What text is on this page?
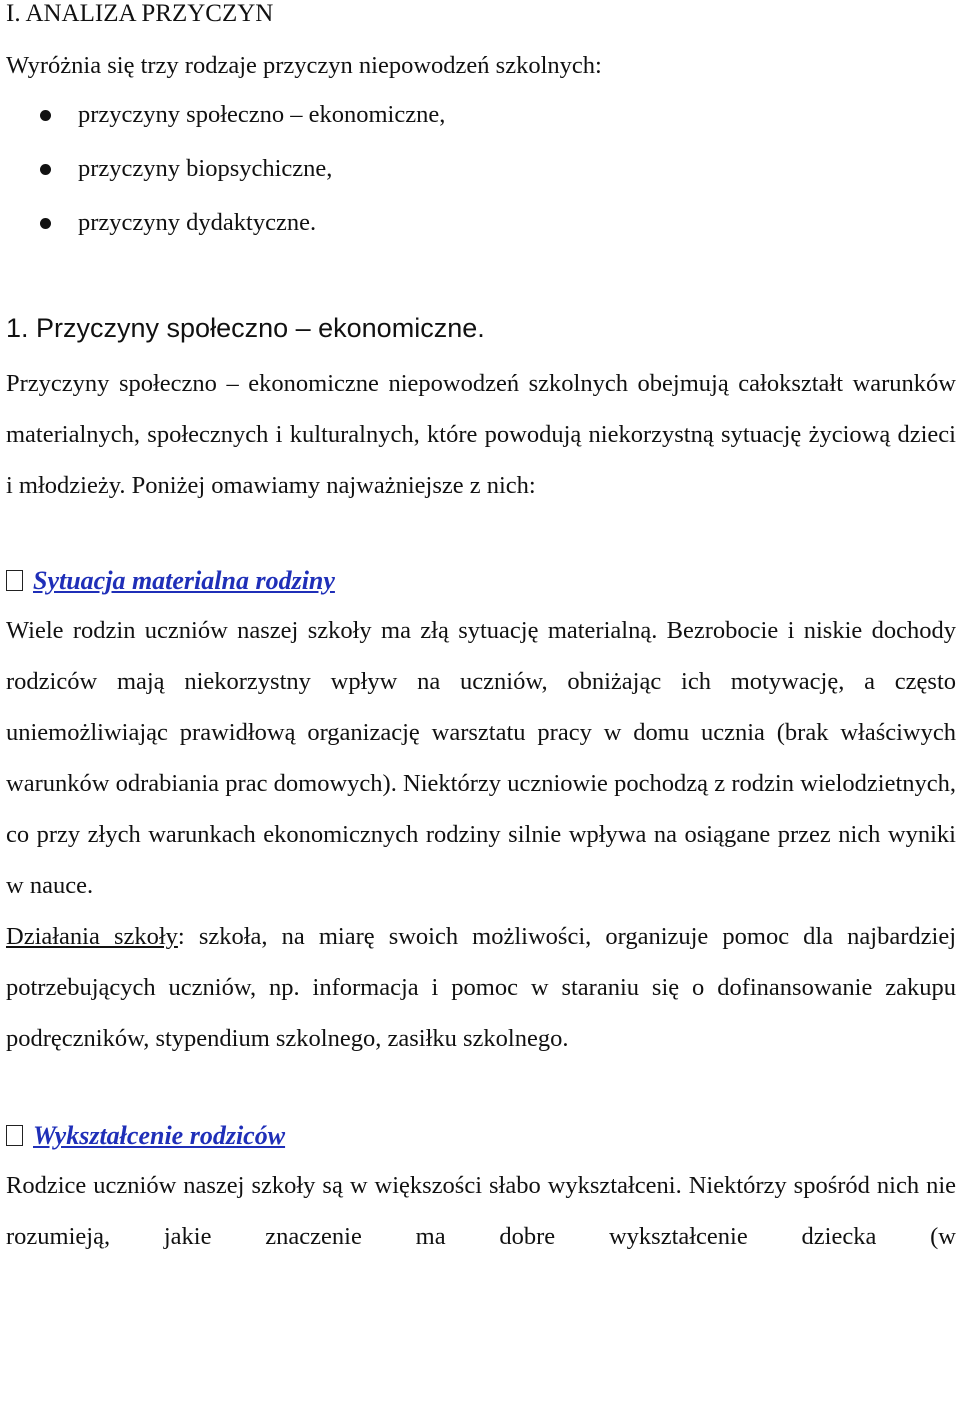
I. ANALIZA PRZYCZYN

Wyróżnia się trzy rodzaje przyczyn niepowodzeń szkolnych:

przyczyny społeczno – ekonomiczne,
przyczyny biopsychiczne,
przyczyny dydaktyczne.
1. Przyczyny społeczno – ekonomiczne.

Przyczyny społeczno – ekonomiczne niepowodzeń szkolnych obejmują całokształt warunków materialnych, społecznych i kulturalnych, które powodują niekorzystną sytuację życiową dzieci i młodzieży. Poniżej omawiamy najważniejsze z nich:

Sytuacja materialna rodziny

Wiele rodzin uczniów naszej szkoły ma złą sytuację materialną. Bezrobocie i niskie dochody rodziców mają niekorzystny wpływ na uczniów, obniżając ich motywację, a często uniemożliwiając prawidłową organizację warsztatu pracy w domu ucznia (brak właściwych warunków odrabiania prac domowych). Niektórzy uczniowie pochodzą z rodzin wielodzietnych, co przy złych warunkach ekonomicznych rodziny silnie wpływa na osiągane przez nich wyniki w nauce.

Działania szkoły: szkoła, na miarę swoich możliwości, organizuje pomoc dla najbardziej potrzebujących uczniów, np. informacja i pomoc w staraniu się o dofinansowanie zakupu podręczników, stypendium szkolnego, zasiłku szkolnego.

Wykształcenie rodziców

Rodzice uczniów naszej szkoły są w większości słabo wykształceni. Niektórzy spośród nich nie rozumieją, jakie znaczenie ma dobre wykształcenie dziecka (w
